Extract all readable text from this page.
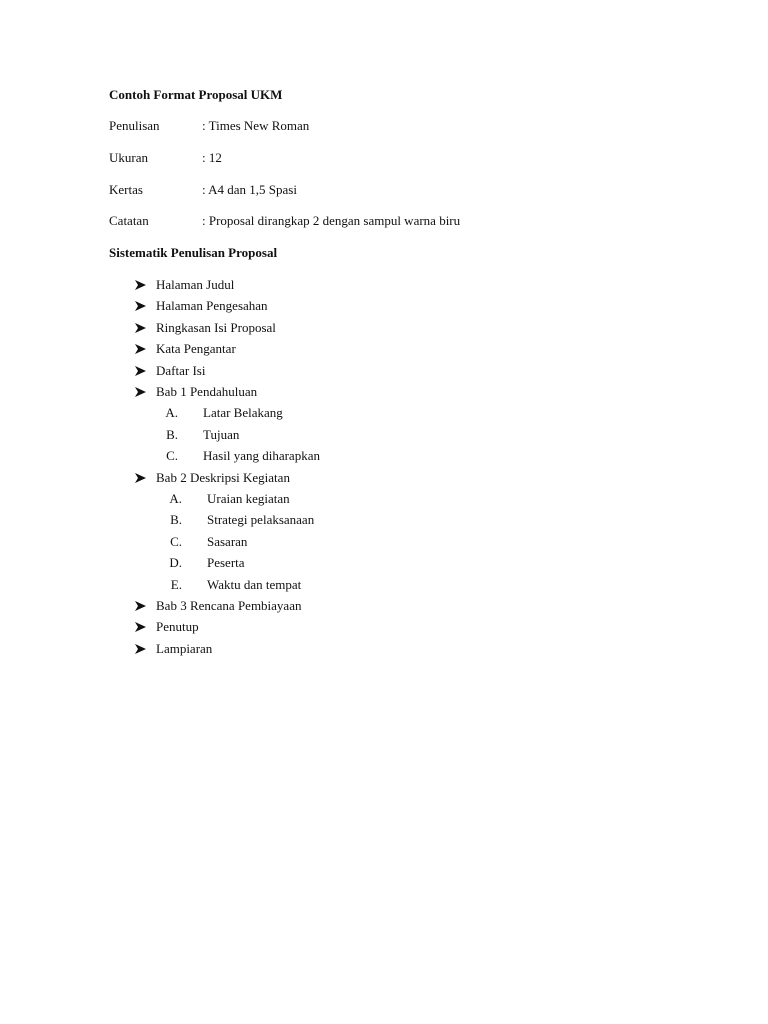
Contoh Format Proposal UKM
Penulisan	: Times New Roman
Ukuran	: 12
Kertas	: A4 dan 1,5 Spasi
Catatan	: Proposal dirangkap 2 dengan sampul warna biru
Sistematik Penulisan Proposal
Halaman Judul
Halaman Pengesahan
Ringkasan Isi Proposal
Kata Pengantar
Daftar Isi
Bab 1 Pendahuluan
A. Latar Belakang
B. Tujuan
C. Hasil yang diharapkan
Bab 2 Deskripsi Kegiatan
A. Uraian kegiatan
B. Strategi pelaksanaan
C. Sasaran
D. Peserta
E. Waktu dan tempat
Bab 3 Rencana Pembiayaan
Penutup
Lampiaran
